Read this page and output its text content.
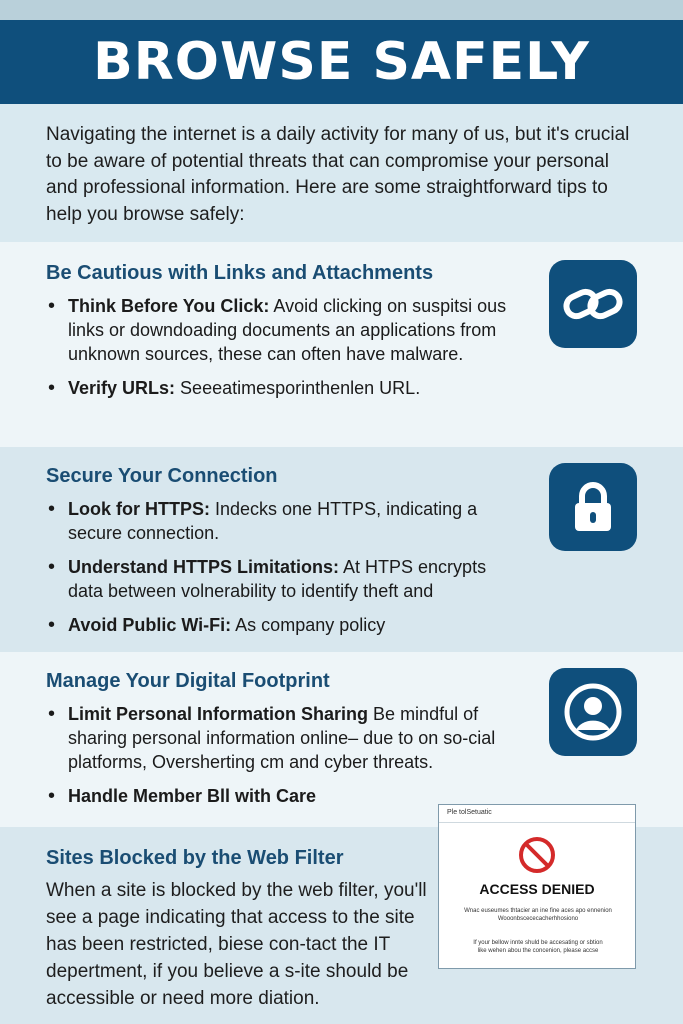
BROWSE SAFELY
Navigating the internet is a daily activity for many of us, but it's crucial to be aware of potential threats that can compromise your personal and professional information. Here are some straightforward tips to help you browse safely:
Be Cautious with Links and Attachments
• Think Before You Click: Avoid clicking on suspitsi ous links or downdoading documents an applications from unknown sources, these can often have malware.
• Verify URLs: Seeeatimesporinthenlen URL.
Secure Your Connection
• Look for HTTPS: Indecks one HTTPS, indicating a secure connection.
• Understand HTTPS Limitations: At HTPS encrypts data between volnerability to identify theft and
• Avoid Public Wi-Fi: As company policy
Manage Your Digital Footprint
• Limit Personal Information Sharing Be mindful of sharing personal information online– due to on so-cial platforms, Oversherting cm and cyber threats.
• Handle Member Bll with Care
Sites Blocked by the Web Filter
When a site is blocked by the web filter, you'll see a page indicating that access to the site has been restricted, biese con-tact the IT depertment, if you believe a s-ite should be accessible or need more diation.
Ple tolSetuatic
ACCESS DENIED
Wnac euseumes thtacier an ine fine aces apo ennenion
Wooonbscececacherhhosiono
If your bellow innte shuld be accesating or sbtion
like wehen abou the concenion, please accse
